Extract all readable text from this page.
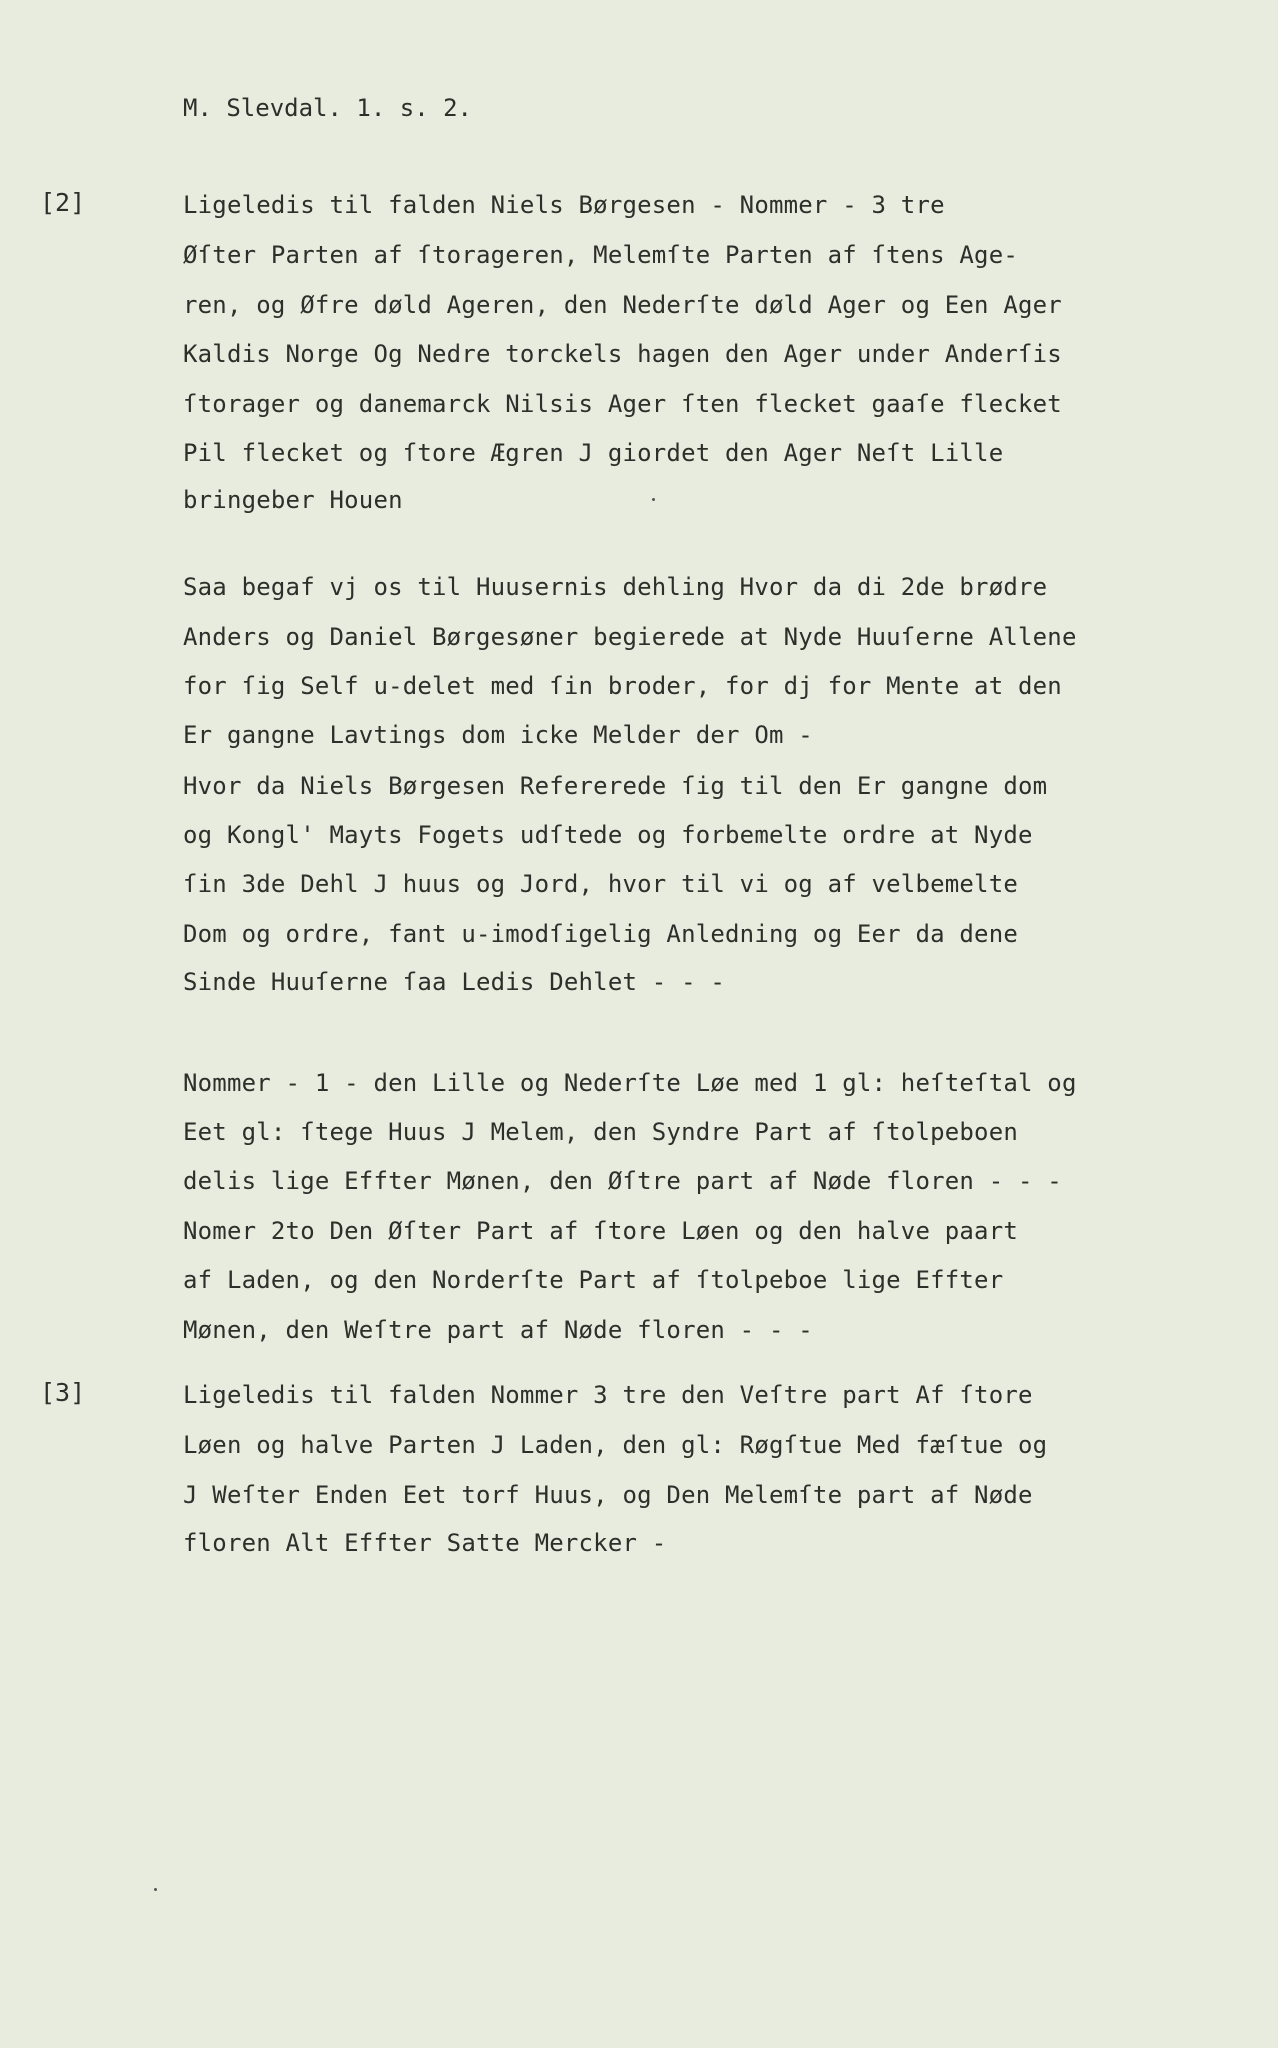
M. Slevdal. 1. s. 2.
[2]
[3]
Ligeledis til falden Niels Børgesen - Nommer - 3 tre
Øſter Parten af ſtorageren, Melemſte Parten af ſtens Age-
ren, og Øfre døld Ageren, den Nederſte døld Ager og Een Ager
Kaldis Norge Og Nedre torckels hagen den Ager under Anderſis
ſtorager og danemarck Nilsis Ager ſten flecket gaaſe flecket
Pil flecket og ſtore Ægren J giordet den Ager Neſt Lille
bringeber Houen
Saa begaf vj os til Huusernis dehling Hvor da di 2de brødre
Anders og Daniel Børgesøner begierede at Nyde Huuſerne Allene
for ſig Self u-delet med ſin broder, for dj for Mente at den
Er gangne Lavtings dom icke Melder der Om -
Hvor da Niels Børgesen Refererede ſig til den Er gangne dom
og Kongl' Mayts Fogets udſtede og forbemelte ordre at Nyde
ſin 3de Dehl J huus og Jord, hvor til vi og af velbemelte
Dom og ordre, fant u-imodſigelig Anledning og Eer da dene
Sinde Huuſerne ſaa Ledis Dehlet - - -
Nommer - 1 - den Lille og Nederſte Løe med 1 gl: heſteſtal og
Eet gl: ſtege Huus J Melem, den Syndre Part af ſtolpeboen
delis lige Effter Mønen, den Øſtre part af Nøde floren - - -
Nomer 2to Den Øſter Part af ſtore Løen og den halve paart
af Laden, og den Norderſte Part af ſtolpeboe lige Effter
Mønen, den Weſtre part af Nøde floren - - -
Ligeledis til falden Nommer 3 tre den Veſtre part Af ſtore
Løen og halve Parten J Laden, den gl: Røgſtue Med fæſtue og
J Weſter Enden Eet torf Huus, og Den Melemſte part af Nøde
floren Alt Effter Satte Mercker -
